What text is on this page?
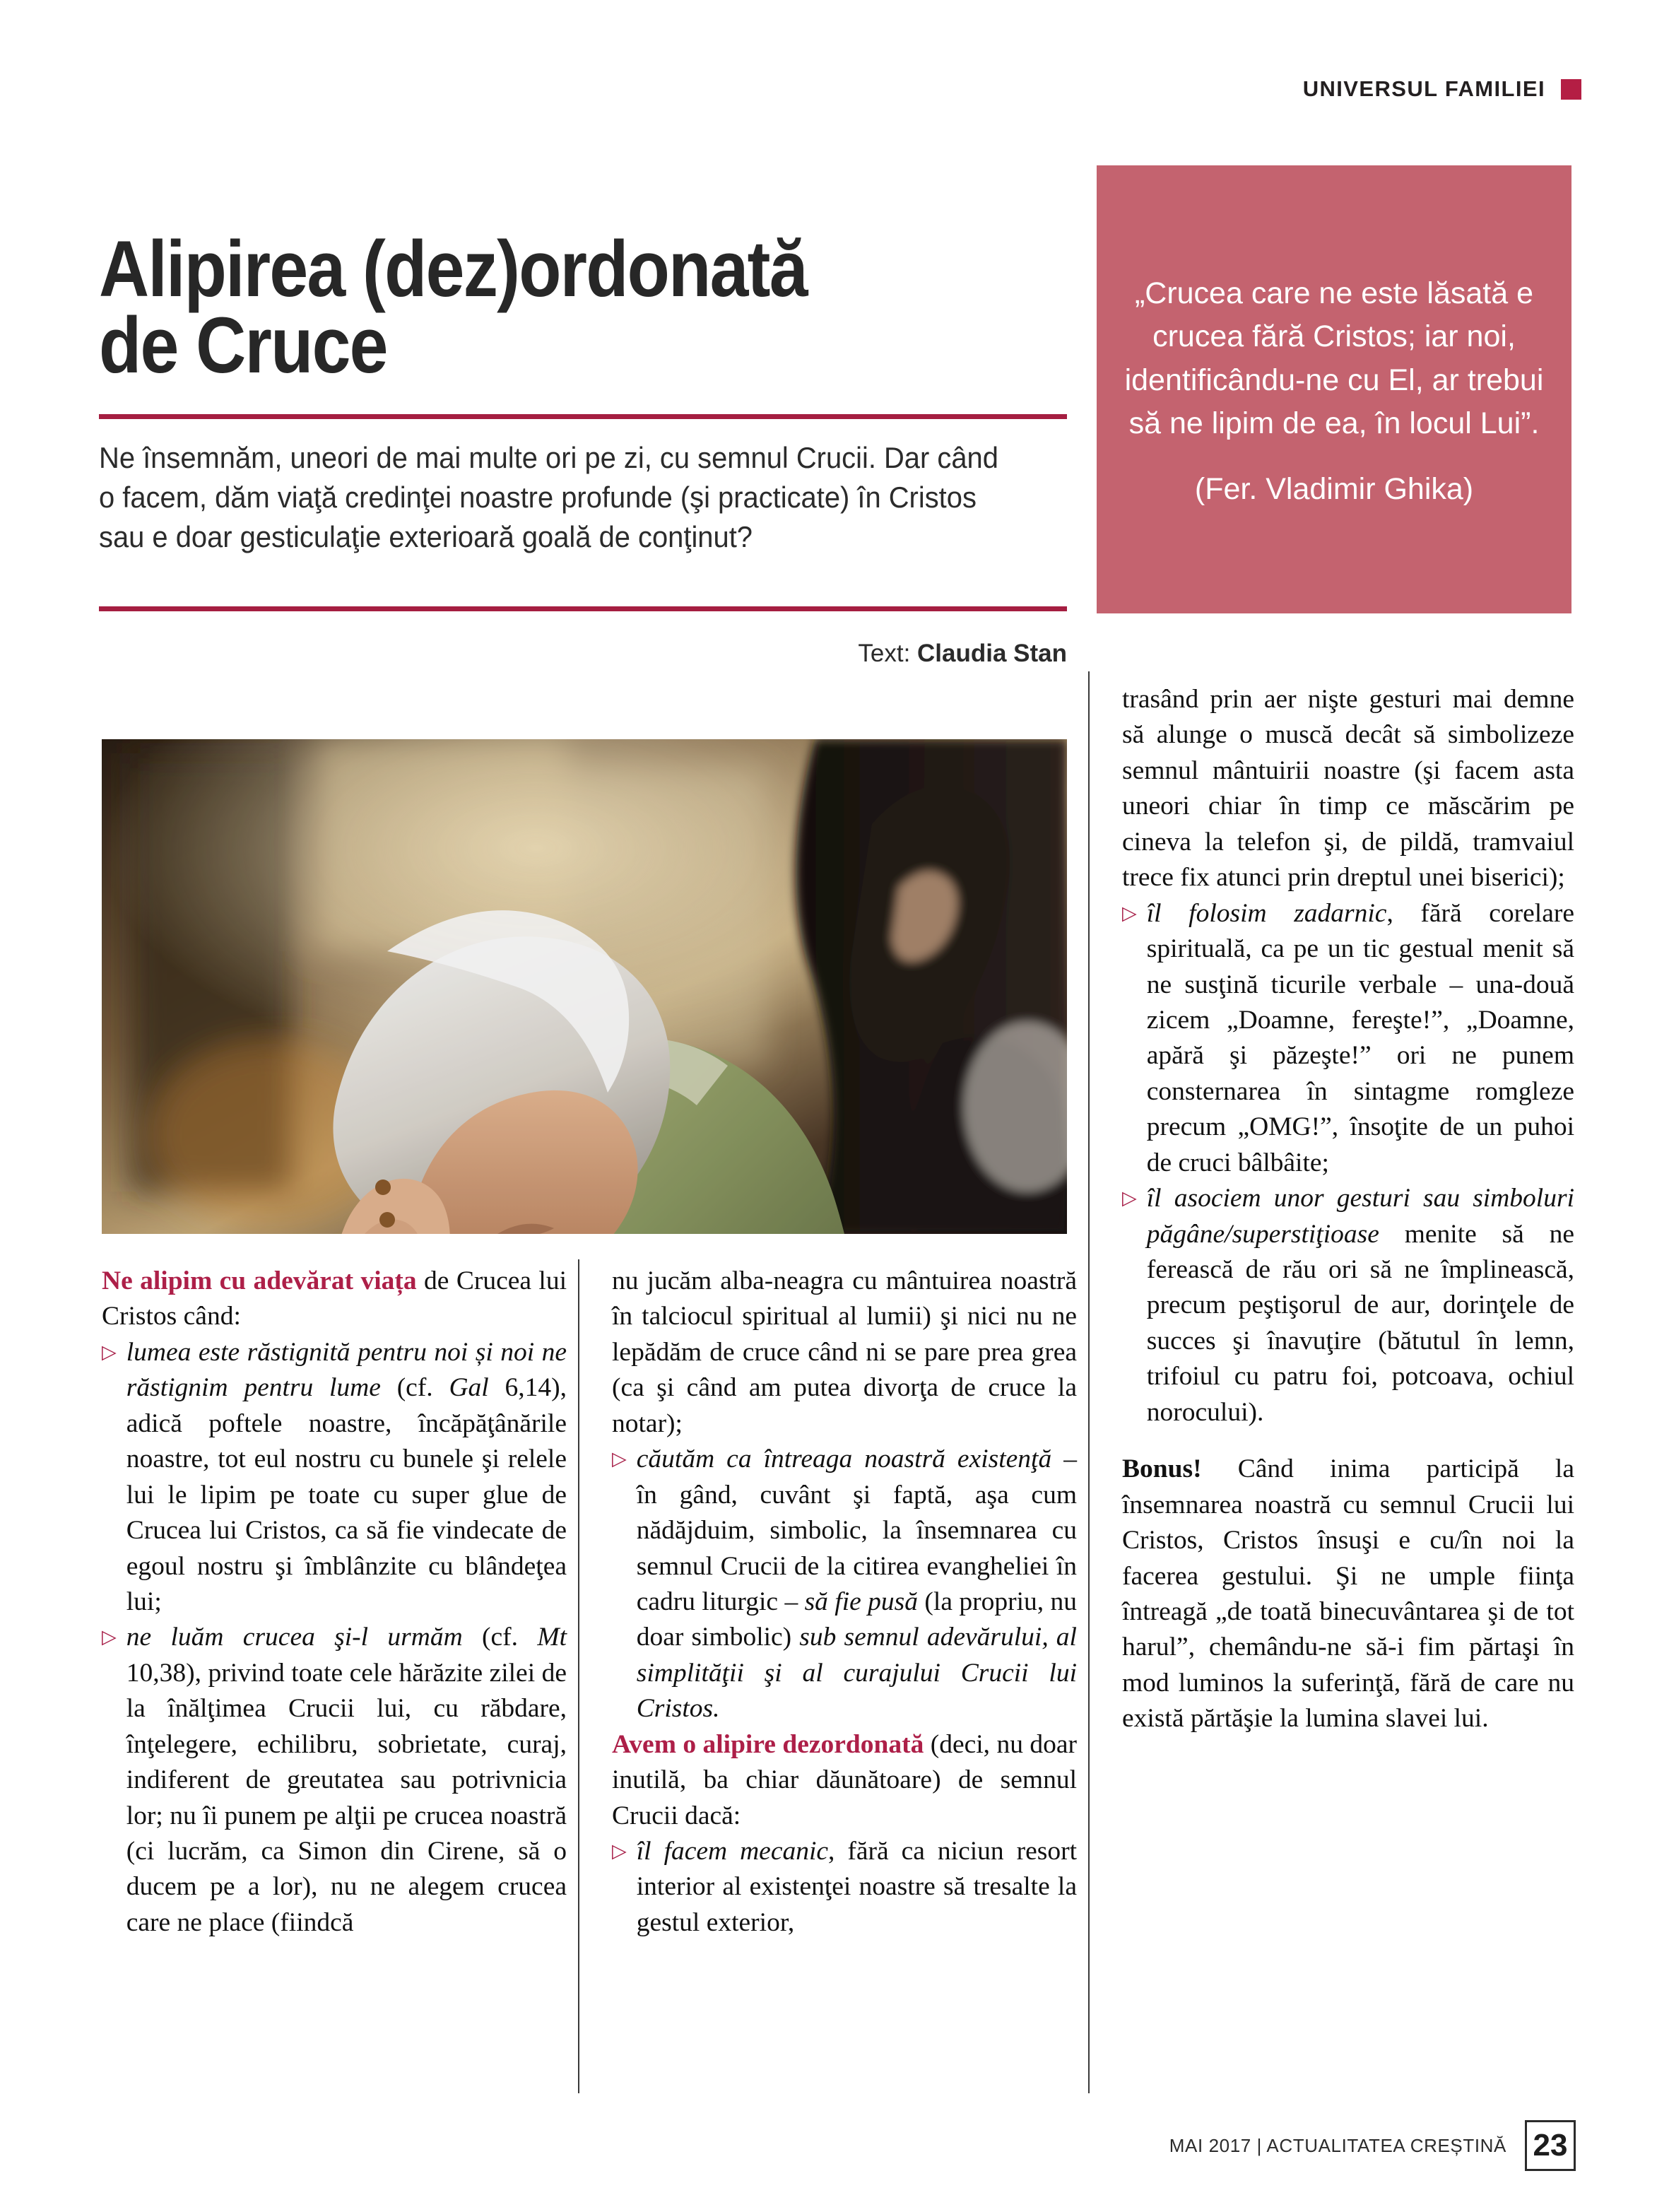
UNIVERSUL FAMILIEI
Alipirea (dez)ordonată
de Cruce
Ne însemnăm, uneori de mai multe ori pe zi, cu semnul Crucii. Dar când o facem, dăm viaţă credinţei noastre profunde (şi practicate) în Cristos sau e doar gesticulaţie exterioară goală de conţinut?
Text: Claudia Stan
„Crucea care ne este lăsată e crucea fără Cristos; iar noi, identificându-ne cu El, ar trebui să ne lipim de ea, în locul Lui”.
(Fer. Vladimir Ghika)

Ne alipim cu adevărat viața de Crucea lui Cristos când:

▷ lumea este răstignită pentru noi și noi ne răstignim pentru lume (cf. Gal 6,14), adică poftele noastre, încăpăţânările noastre, tot eul nostru cu bunele şi relele lui le lipim pe toate cu super glue de Crucea lui Cristos, ca să fie vindecate de egoul nostru şi îmblânzite cu blândeţea lui;
▷ ne luăm crucea şi-l urmăm (cf. Mt 10,38), privind toate cele hărăzite zilei de la înălţimea Crucii lui, cu răbdare, înţelegere, echilibru, sobrietate, curaj, indiferent de greutatea sau potrivnicia lor; nu îi punem pe alţii pe crucea noastră (ci lucrăm, ca Simon din Cirene, să o ducem pe a lor), nu ne alegem crucea care ne place (fiindcă

nu jucăm alba-neagra cu mântuirea noastră în talciocul spiritual al lumii) şi nici nu ne lepădăm de cruce când ni se pare prea grea (ca şi când am putea divorţa de cruce la notar);

▷ căutăm ca întreaga noastră existenţă – în gând, cuvânt şi faptă, aşa cum nădăjduim, simbolic, la însemnarea cu semnul Crucii de la citirea evangheliei în cadru liturgic – să fie pusă (la propriu, nu doar simbolic) sub semnul adevărului, al simplităţii şi al curajului Crucii lui Cristos.

Avem o alipire dezordonată (deci, nu doar inutilă, ba chiar dăunătoare) de semnul Crucii dacă:

▷ îl facem mecanic, fără ca niciun resort interior al existenţei noastre să tresalte la gestul exterior,

trasând prin aer nişte gesturi mai demne să alunge o muscă decât să simbolizeze semnul mântuirii noastre (şi facem asta uneori chiar în timp ce măscărim pe cineva la telefon şi, de pildă, tramvaiul trece fix atunci prin dreptul unei biserici);

▷ îl folosim zadarnic, fără corelare spirituală, ca pe un tic gestual menit să ne susţină ticurile verbale – una-două zicem „Doamne, fereşte!”, „Doamne, apără şi păzeşte!” ori ne punem consternarea în sintagme romgleze precum „OMG!”, însoţite de un puhoi de cruci bâlbâite;
▷ îl asociem unor gesturi sau simboluri păgâne/superstiţioase menite să ne ferească de rău ori să ne împlinească, precum peştişorul de aur, dorinţele de succes şi înavuţire (bătutul în lemn, trifoiul cu patru foi, potcoava, ochiul norocului).

Bonus! Când inima participă la însemnarea noastră cu semnul Crucii lui Cristos, Cristos însuşi e cu/în noi la facerea gestului. Şi ne umple fiinţa întreagă „de toată binecuvântarea şi de tot harul”, chemându-ne să-i fim părtaşi în mod luminos la suferinţă, fără de care nu există părtăşie la lumina slavei lui.

MAI 2017 | ACTUALITATEA CREȘTINĂ 23
